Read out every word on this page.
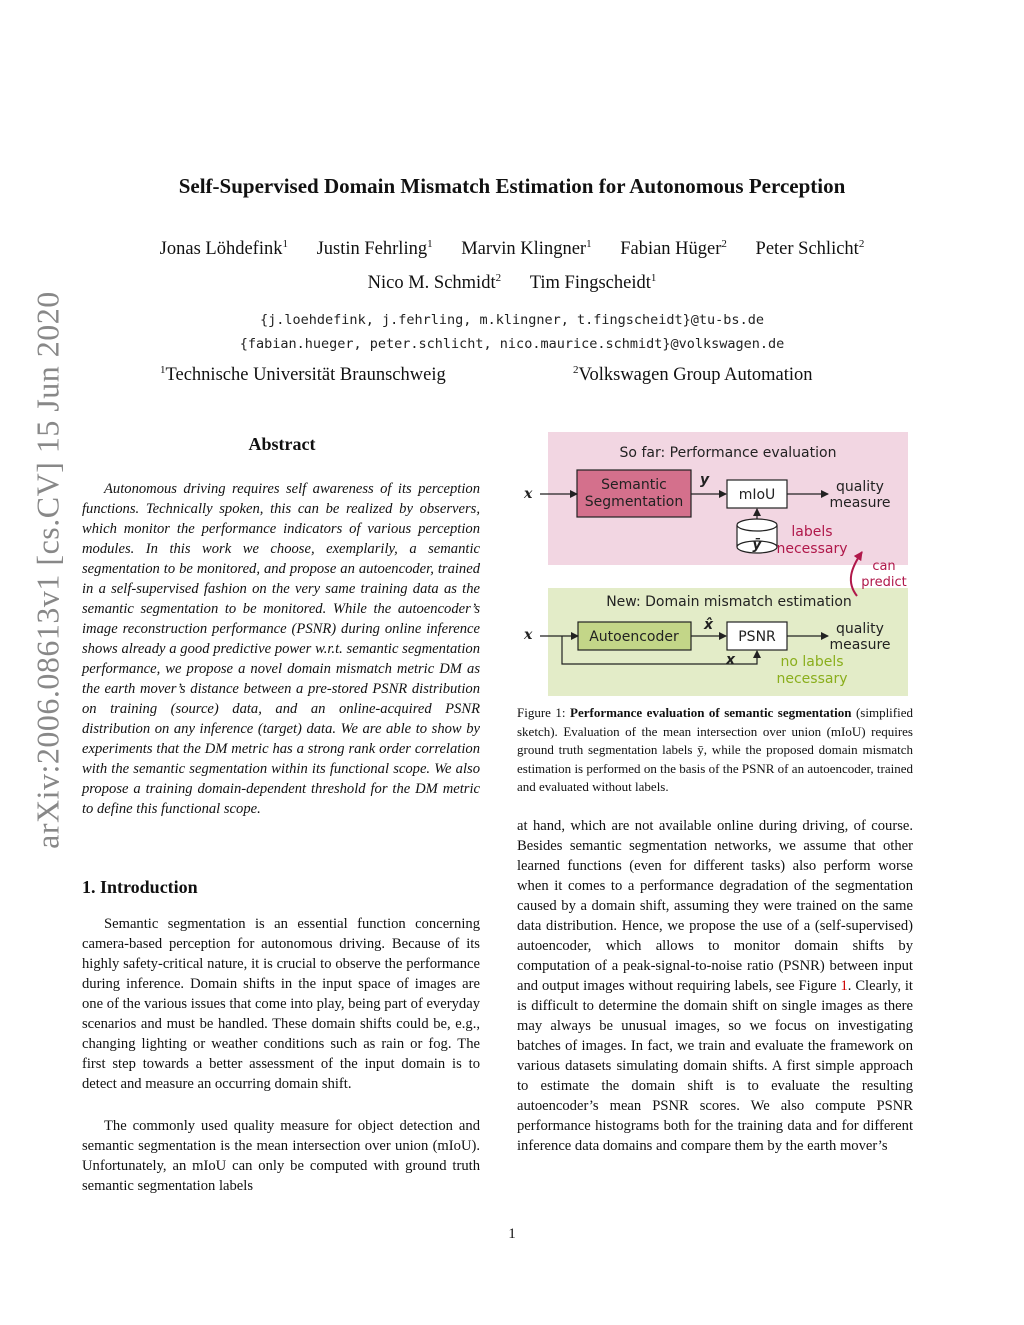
arXiv:2006.08613v1 [cs.CV] 15 Jun 2020
Self-Supervised Domain Mismatch Estimation for Autonomous Perception
Jonas Löhdefink$^1$ Justin Fehrling$^1$ Marvin Klingner$^1$ Fabian Hüger$^2$ Peter Schlicht$^2$
Nico M. Schmidt$^2$ Tim Fingscheidt$^1$
{j.loehdefink, j.fehrling, m.klingner, t.fingscheidt}@tu-bs.de
{fabian.hueger, peter.schlicht, nico.maurice.schmidt}@volkswagen.de
$^1$Technische Universität Braunschweig	$^2$Volkswagen Group Automation
Abstract

Autonomous driving requires self awareness of its perception functions. Technically spoken, this can be realized by observers, which monitor the performance indicators of various perception modules. In this work we choose, exemplarily, a semantic segmentation to be monitored, and propose an autoencoder, trained in a self-supervised fashion on the very same training data as the semantic segmentation to be monitored. While the autoencoder’s image reconstruction performance (PSNR) during online inference shows already a good predictive power w.r.t. semantic segmentation performance, we propose a novel domain mismatch metric DM as the earth mover’s distance between a pre-stored PSNR distribution on training (source) data, and an online-acquired PSNR distribution on any inference (target) data. We are able to show by experiments that the DM metric has a strong rank order correlation with the semantic segmentation within its functional scope. We also propose a training domain-dependent threshold for the DM metric to define this functional scope.

1. Introduction

Semantic segmentation is an essential function concerning camera-based perception for autonomous driving. Because of its highly safety-critical nature, it is crucial to observe the performance during inference. Domain shifts in the input space of images are one of the various issues that come into play, being part of everyday scenarios and must be handled. These domain shifts could be, e.g., changing lighting or weather conditions such as rain or fog. The first step towards a better assessment of the input domain is to detect and measure an occurring domain shift.

The commonly used quality measure for object detection and semantic segmentation is the mean intersection over union (mIoU). Unfortunately, an mIoU can only be computed with ground truth semantic segmentation labels

So far: Performance evaluation
Semantic
Segmentation
y
mIoU	quality
measure
ȳ
labels
necessary
New: Domain mismatch estimation
can
predict
Autoencoder
x̂
PSNR	quality
measure
x	no labels
necessary
x
x

Figure 1: Performance evaluation of semantic segmentation (simplified sketch). Evaluation of the mean intersection over union (mIoU) requires ground truth segmentation labels ȳ, while the proposed domain mismatch estimation is performed on the basis of the PSNR of an autoencoder, trained and evaluated without labels.

at hand, which are not available online during driving, of course. Besides semantic segmentation networks, we assume that other learned functions (even for different tasks) also perform worse when it comes to a performance degradation of the segmentation caused by a domain shift, assuming they were trained on the same data distribution. Hence, we propose the use of a (self-supervised) autoencoder, which allows to monitor domain shifts by computation of a peak-signal-to-noise ratio (PSNR) between input and output images without requiring labels, see Figure 1. Clearly, it is difficult to determine the domain shift on single images as there may always be unusual images, so we focus on investigating batches of images. In fact, we train and evaluate the framework on various datasets simulating domain shifts. A first simple approach to estimate the domain shift is to evaluate the resulting autoencoder’s mean PSNR scores. We also compute PSNR performance histograms both for the training data and for different inference data domains and compare them by the earth mover’s

1
